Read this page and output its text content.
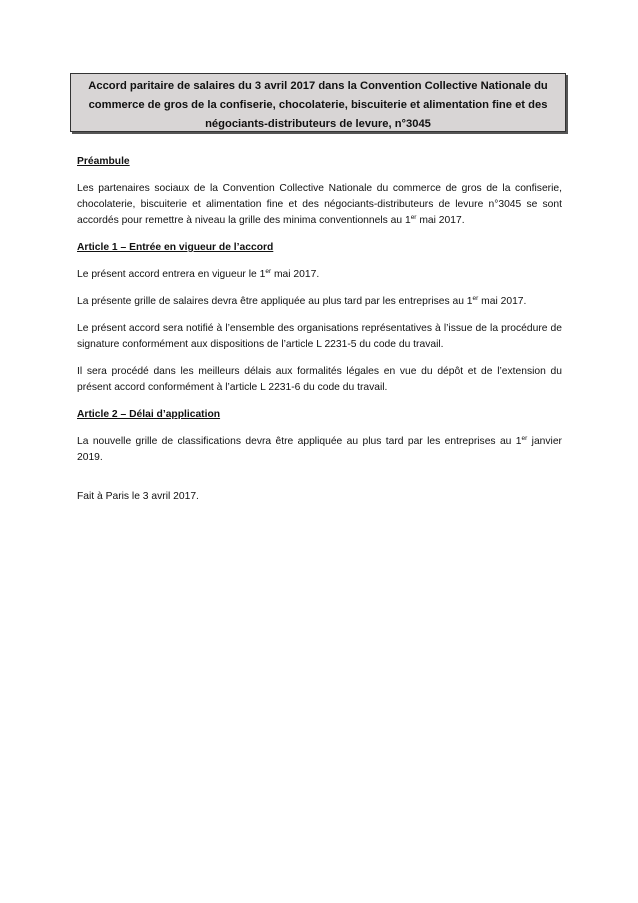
Accord paritaire de salaires du 3 avril 2017 dans la Convention Collective Nationale du commerce de gros de la confiserie, chocolaterie, biscuiterie et alimentation fine et des négociants-distributeurs de levure, n°3045
Préambule
Les partenaires sociaux de la Convention Collective Nationale du commerce de gros de la confiserie, chocolaterie, biscuiterie et alimentation fine et des négociants-distributeurs de levure n°3045 se sont accordés pour remettre à niveau la grille des minima conventionnels au 1er mai 2017.
Article 1 – Entrée en vigueur de l’accord
Le présent accord entrera en vigueur le 1er mai 2017.
La présente grille de salaires devra être appliquée au plus tard par les entreprises au 1er mai 2017.
Le présent accord sera notifié à l’ensemble des organisations représentatives à l’issue de la procédure de signature conformément aux dispositions de l’article L 2231-5 du code du travail.
Il sera procédé dans les meilleurs délais aux formalités légales en vue du dépôt et de l’extension du présent accord conformément à l’article L 2231-6 du code du travail.
Article 2 – Délai d’application
La nouvelle grille de classifications devra être appliquée au plus tard par les entreprises au 1er janvier 2019.
Fait à Paris le 3 avril 2017.
